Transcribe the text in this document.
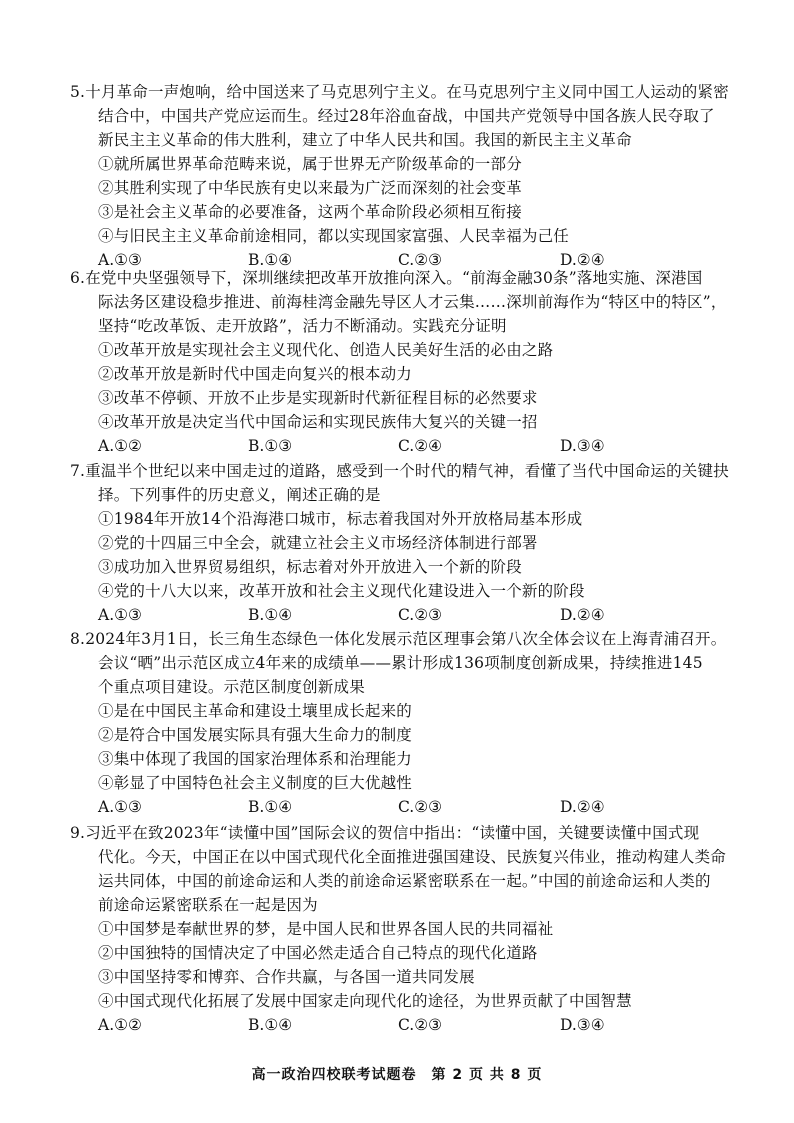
5.十月革命一声炮响，给中国送来了马克思列宁主义。在马克思列宁主义同中国工人运动的紧密
结合中，中国共产党应运而生。经过28年浴血奋战，中国共产党领导中国各族人民夺取了
新民主主义革命的伟大胜利，建立了中华人民共和国。我国的新民主主义革命
①就所属世界革命范畴来说，属于世界无产阶级革命的一部分
②其胜利实现了中华民族有史以来最为广泛而深刻的社会变革
③是社会主义革命的必要准备，这两个革命阶段必须相互衔接
④与旧民主主义革命前途相同，都以实现国家富强、人民幸福为己任
A.①③	B.①④	C.②③	D.②④
6.在党中央坚强领导下，深圳继续把改革开放推向深入。“前海金融30条”落地实施、深港国
际法务区建设稳步推进、前海桂湾金融先导区人才云集……深圳前海作为“特区中的特区”，
坚持“吃改革饭、走开放路”，活力不断涌动。实践充分证明
①改革开放是实现社会主义现代化、创造人民美好生活的必由之路
②改革开放是新时代中国走向复兴的根本动力
③改革不停顿、开放不止步是实现新时代新征程目标的必然要求
④改革开放是决定当代中国命运和实现民族伟大复兴的关键一招
A.①②	B.①③	C.②④	D.③④
7.重温半个世纪以来中国走过的道路，感受到一个时代的精气神，看懂了当代中国命运的关键抉
择。下列事件的历史意义，阐述正确的是
①1984年开放14个沿海港口城市，标志着我国对外开放格局基本形成
②党的十四届三中全会，就建立社会主义市场经济体制进行部署
③成功加入世界贸易组织，标志着对外开放进入一个新的阶段
④党的十八大以来，改革开放和社会主义现代化建设进入一个新的阶段
A.①③	B.①④	C.②③	D.②④
8.2024年3月1日，长三角生态绿色一体化发展示范区理事会第八次全体会议在上海青浦召开。
会议“晒”出示范区成立4年来的成绩单——累计形成136项制度创新成果，持续推进145
个重点项目建设。示范区制度创新成果
①是在中国民主革命和建设土壤里成长起来的
②是符合中国发展实际具有强大生命力的制度
③集中体现了我国的国家治理体系和治理能力
④彰显了中国特色社会主义制度的巨大优越性
A.①③	B.①④	C.②③	D.②④
9.习近平在致2023年“读懂中国”国际会议的贺信中指出：“读懂中国，关键要读懂中国式现
代化。今天，中国正在以中国式现代化全面推进强国建设、民族复兴伟业，推动构建人类命
运共同体，中国的前途命运和人类的前途命运紧密联系在一起。”中国的前途命运和人类的
前途命运紧密联系在一起是因为
①中国梦是奉献世界的梦，是中国人民和世界各国人民的共同福祉
②中国独特的国情决定了中国必然走适合自己特点的现代化道路
③中国坚持零和博弈、合作共赢，与各国一道共同发展
④中国式现代化拓展了发展中国家走向现代化的途径，为世界贡献了中国智慧
A.①②	B.①④	C.②③	D.③④
高一政治四校联考试题卷　第 2 页 共 8 页
